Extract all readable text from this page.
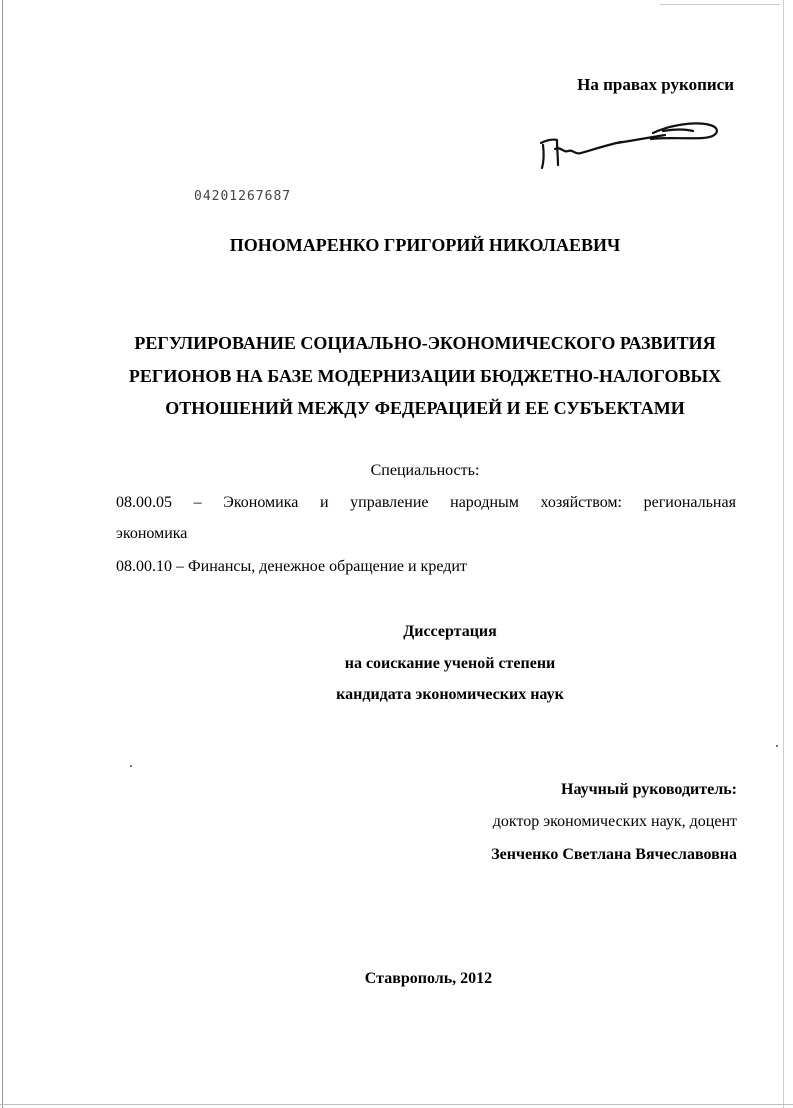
На правах рукописи
04201267687
ПОНОМАРЕНКО ГРИГОРИЙ НИКОЛАЕВИЧ
РЕГУЛИРОВАНИЕ СОЦИАЛЬНО-ЭКОНОМИЧЕСКОГО РАЗВИТИЯ
РЕГИОНОВ НА БАЗЕ МОДЕРНИЗАЦИИ БЮДЖЕТНО-НАЛОГОВЫХ
ОТНОШЕНИЙ МЕЖДУ ФЕДЕРАЦИЕЙ И ЕЕ СУБЪЕКТАМИ
Специальность:
08.00.05 – Экономика и управление народным хозяйством: региональная
экономика
08.00.10 – Финансы, денежное обращение и кредит
Диссертация
на соискание ученой степени
кандидата экономических наук
Научный руководитель:
доктор экономических наук, доцент
Зенченко Светлана Вячеславовна
Ставрополь, 2012
